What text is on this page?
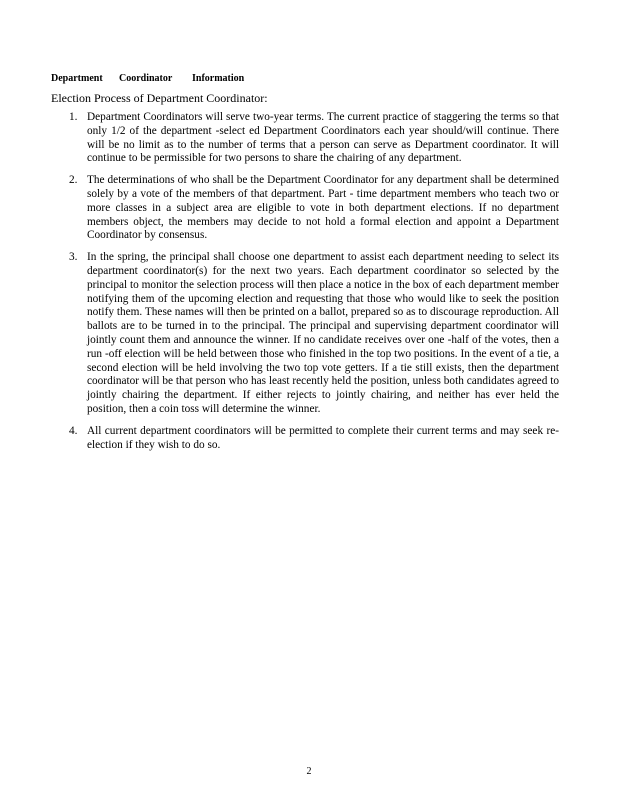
Department Coordinator Information
Election Process of Department Coordinator:
1. Department Coordinators will serve two-year terms. The current practice of staggering the terms so that only 1/2 of the department -select ed Department Coordinators each year should/will continue. There will be no limit as to the number of terms that a person can serve as Department coordinator. It will continue to be permissible for two persons to share the chairing of any department.
2. The determinations of who shall be the Department Coordinator for any department shall be determined solely by a vote of the members of that department. Part - time department members who teach two or more classes in a subject area are eligible to vote in both department elections. If no department members object, the members may decide to not hold a formal election and appoint a Department Coordinator by consensus.
3. In the spring, the principal shall choose one department to assist each department needing to select its department coordinator(s) for the next two years. Each department coordinator so selected by the principal to monitor the selection process will then place a notice in the box of each department member notifying them of the upcoming election and requesting that those who would like to seek the position notify them. These names will then be printed on a ballot, prepared so as to discourage reproduction. All ballots are to be turned in to the principal. The principal and supervising department coordinator will jointly count them and announce the winner. If no candidate receives over one -half of the votes, then a run -off election will be held between those who finished in the top two positions. In the event of a tie, a second election will be held involving the two top vote getters. If a tie still exists, then the department coordinator will be that person who has least recently held the position, unless both candidates agreed to jointly chairing the department. If either rejects to jointly chairing, and neither has ever held the position, then a coin toss will determine the winner.
4. All current department coordinators will be permitted to complete their current terms and may seek re-election if they wish to do so.
2
